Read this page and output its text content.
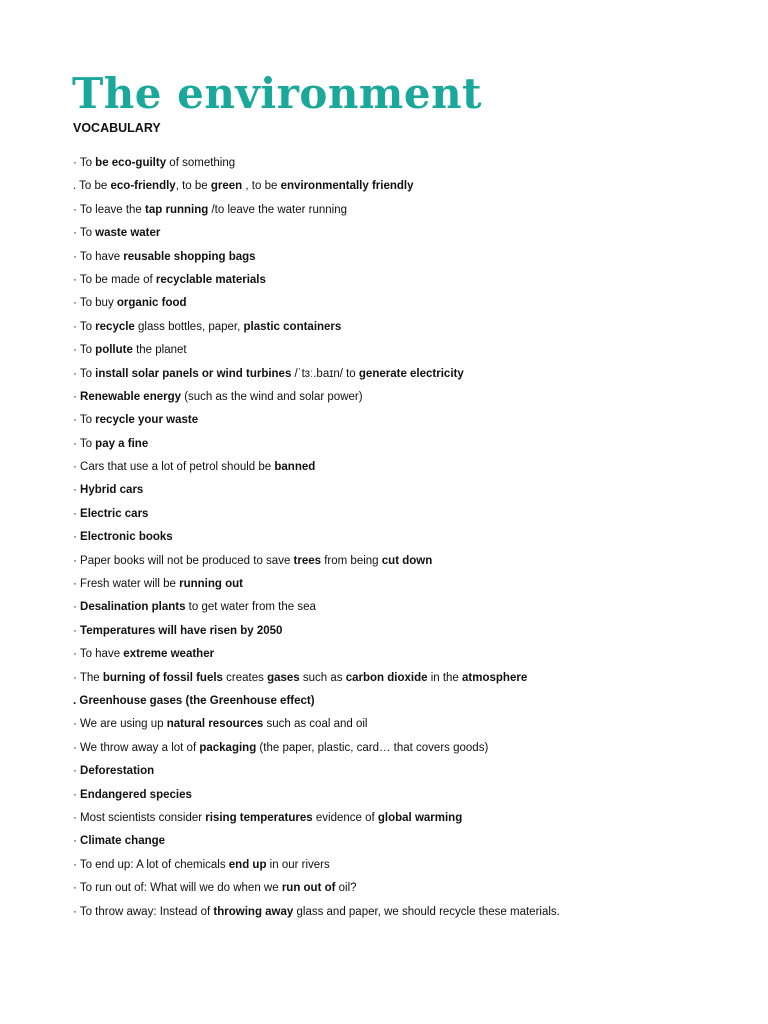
The environment
VOCABULARY
· To be eco-guilty of something
. To be eco-friendly, to be green , to be environmentally friendly
· To leave the tap running /to leave the water running
· To waste water
· To have reusable shopping bags
· To be made of recyclable materials
· To buy organic food
· To recycle glass bottles, paper, plastic containers
· To pollute the planet
· To install solar panels or wind turbines /ˈtɜː.baɪn/ to generate electricity
· Renewable energy (such as the wind and solar power)
· To recycle your waste
· To pay a fine
· Cars that use a lot of petrol should be banned
· Hybrid cars
· Electric cars
· Electronic books
· Paper books will not be produced to save trees from being cut down
· Fresh water will be running out
· Desalination plants to get water from the sea
· Temperatures will have risen by 2050
· To have extreme weather
· The burning of fossil fuels creates gases such as carbon dioxide in the atmosphere
. Greenhouse gases (the Greenhouse effect)
· We are using up natural resources such as coal and oil
· We throw away a lot of packaging (the paper, plastic, card… that covers goods)
· Deforestation
· Endangered species
· Most scientists consider rising temperatures evidence of global warming
· Climate change
· To end up: A lot of chemicals end up in our rivers
· To run out of: What will we do when we run out of oil?
· To throw away: Instead of throwing away glass and paper, we should recycle these materials.
